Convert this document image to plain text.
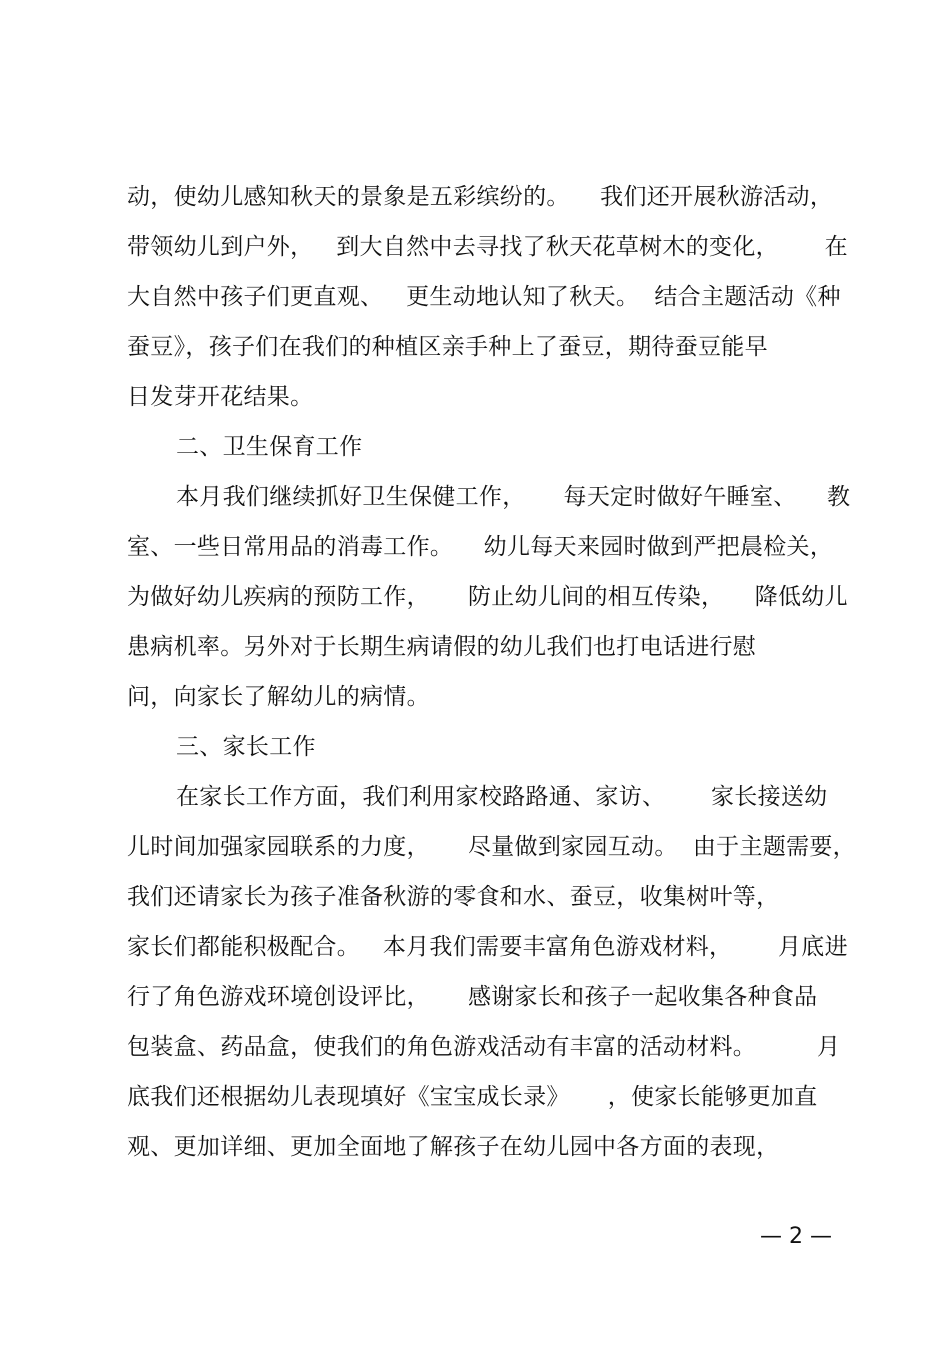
动，使幼儿感知秋天的景象是五彩缤纷的。    我们还开展秋游活动，
带领幼儿到户外，   到大自然中去寻找了秋天花草树木的变化，      在
大自然中孩子们更直观、   更生动地认知了秋天。  结合主题活动《种
蚕豆》，孩子们在我们的种植区亲手种上了蚕豆，期待蚕豆能早
日发芽开花结果。
二、卫生保育工作
本月我们继续抓好卫生保健工作，     每天定时做好午睡室、    教
室、一些日常用品的消毒工作。    幼儿每天来园时做到严把晨检关，
为做好幼儿疾病的预防工作，     防止幼儿间的相互传染，    降低幼儿
患病机率。另外对于长期生病请假的幼儿我们也打电话进行慰
问，向家长了解幼儿的病情。
三、家长工作
在家长工作方面，我们利用家校路路通、家访、      家长接送幼
儿时间加强家园联系的力度，     尽量做到家园互动。  由于主题需要，
我们还请家长为孩子准备秋游的零食和水、蚕豆，收集树叶等，
家长们都能积极配合。   本月我们需要丰富角色游戏材料，      月底进
行了角色游戏环境创设评比，     感谢家长和孩子一起收集各种食品
包装盒、药品盒，使我们的角色游戏活动有丰富的活动材料。        月
底我们还根据幼儿表现填好《宝宝成长录》     ，使家长能够更加直
观、更加详细、更加全面地了解孩子在幼儿园中各方面的表现，
— 2 —
